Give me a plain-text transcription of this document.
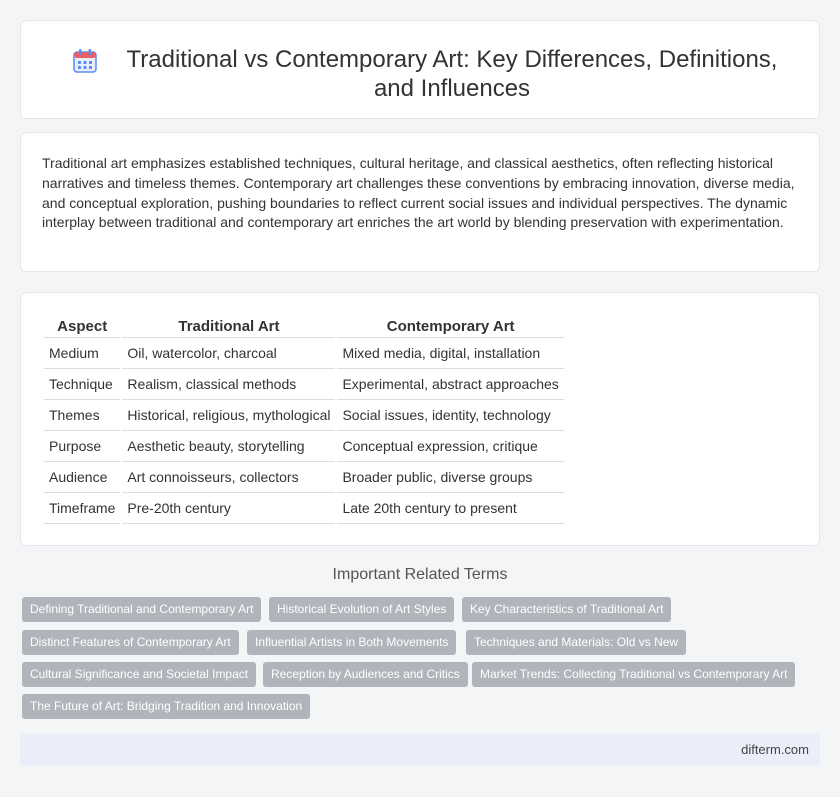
Traditional vs Contemporary Art: Key Differences, Definitions, and Influences

Traditional art emphasizes established techniques, cultural heritage, and classical aesthetics, often reflecting historical narratives and timeless themes. Contemporary art challenges these conventions by embracing innovation, diverse media, and conceptual exploration, pushing boundaries to reflect current social issues and individual perspectives. The dynamic interplay between traditional and contemporary art enriches the art world by blending preservation with experimentation.

Aspect	Traditional Art	Contemporary Art
Medium	Oil, watercolor, charcoal	Mixed media, digital, installation
Technique	Realism, classical methods	Experimental, abstract approaches
Themes	Historical, religious, mythological	Social issues, identity, technology
Purpose	Aesthetic beauty, storytelling	Conceptual expression, critique
Audience	Art connoisseurs, collectors	Broader public, diverse groups
Timeframe	Pre-20th century	Late 20th century to present
Important Related Terms
Defining Traditional and Contemporary Art	Historical Evolution of Art Styles	Key Characteristics of Traditional Art
Distinct Features of Contemporary Art	Influential Artists in Both Movements	Techniques and Materials: Old vs New
Cultural Significance and Societal Impact	Reception by Audiences and Critics	Market Trends: Collecting Traditional vs Contemporary Art
The Future of Art: Bridging Tradition and Innovation
difterm.com
